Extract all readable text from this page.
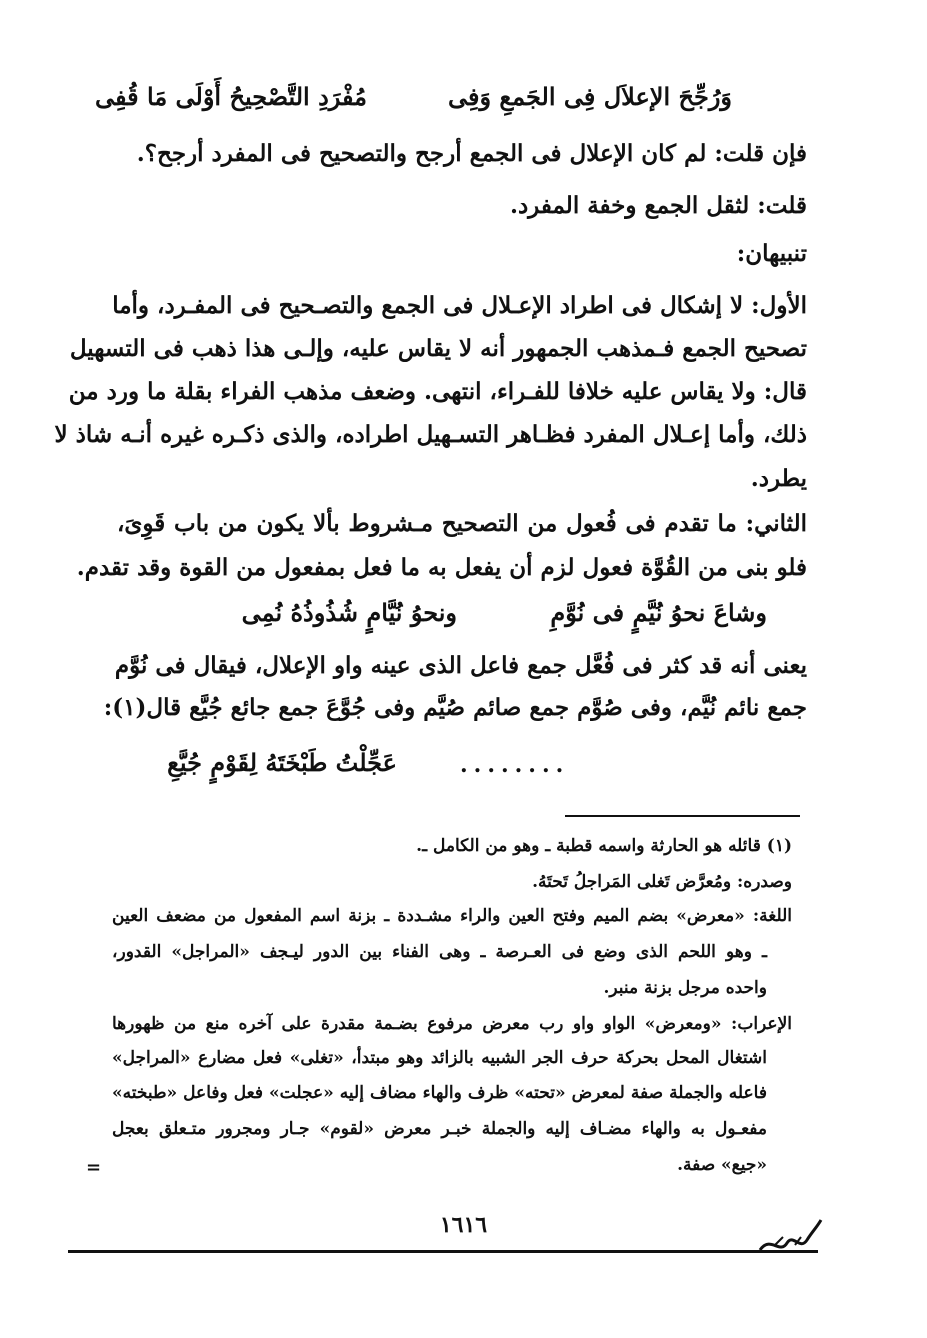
وَرُجِّحَ الإعلاَل فِى الجَمعِ وَفِى
مُفْرَدِ التَّصْحِيحُ أَوْلَى مَا قُفِى
فإن قلت: لم كان الإعلال فى الجمع أرجح والتصحيح فى المفرد أرجح؟.
قلت: لثقل الجمع وخفة المفرد.
تنبيهان:
الأول: لا إشكال فى اطراد الإعـلال فى الجمع والتصـحيح فى المفـرد، وأما
تصحيح الجمع فـمذهب الجمهور أنه لا يقاس عليه، وإلـى هذا ذهب فى التسهيل
قال: ولا يقاس عليه خلافا للفـراء، انتهى. وضعف مذهب الفراء بقلة ما ورد من
ذلك، وأما إعـلال المفرد فظـاهر التسـهيل اطراده، والذى ذكـره غيره أنـه شاذ لا
يطرد.
الثاني: ما تقدم فى فُعول من التصحيح مـشروط بألا يكون من باب قَوِىَ،
فلو بنى من القُوَّة فعول لزم أن يفعل به ما فعل بمفعول من القوة وقد تقدم.
وشاعَ نحوُ نُيَّمٍ فى نُوَّمِ
ونحوُ نُيَّامٍ شُذُوذُهُ نُمِى
يعنى أنه قد كثر فى فُعَّل جمع فاعل الذى عينه واو الإعلال، فيقال فى نُوَّم
جمع نائم نُيَّم، وفى صُوَّم جمع صائم صُيَّم وفى جُوَّعَ جمع جائع جُيَّع قال(١):
........
عَجِّلْتُ طَبْخَتَهُ لِقَوْمٍ جُيَّعِ
(١) قائله هو الحارثة واسمه قطبة ـ وهو من الكامل ـ.
وصدره: ومُعرَّض تَغلى المَراجلُ تَحتَهُ.
اللغة: «معرض» بضم الميم وفتح العين والراء مشـددة ـ بزنة اسم المفعول من مضعف العين
ـ وهو اللحم الذى وضع فى العـرصة ـ وهى الفناء بين الدور ليـجف «المراجل» القدور،
واحده مرجل بزنة منبر.
الإعراب: «ومعرض» الواو واو رب معرض مرفوع بضـمة مقدرة على آخره منع من ظهورها
اشتغال المحل بحركة حرف الجر الشبيه بالزائد وهو مبتدأ، «تغلى» فعل مضارع «المراجل»
فاعله والجملة صفة لمعرض «تحته» ظرف والهاء مضاف إليه «عجلت» فعل وفاعل «طبخته»
مفعـول به والهاء مضـاف إليه والجملة خبـر معرض «لقوم» جـار ومجرور متـعلق بعجل
«جيع» صفة.
=
١٦١٦
